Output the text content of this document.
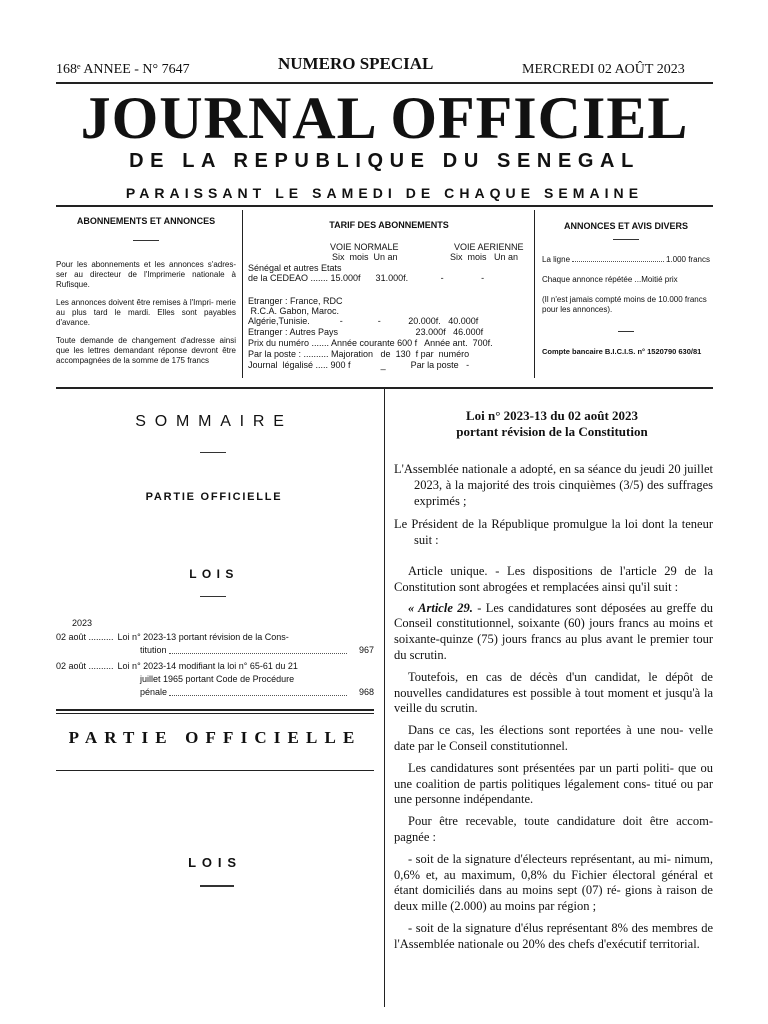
168ᵉ ANNEE - N° 7647	NUMERO SPECIAL	MERCREDI 02 AOÛT 2023
JOURNAL OFFICIEL
DE LA REPUBLIQUE DU SENEGAL
PARAISSANT LE SAMEDI DE CHAQUE SEMAINE
ABONNEMENTS ET ANNONCES

Pour les abonnements et les annonces s'adres- ser au directeur de l'Imprimerie nationale à Rufisque.

Les annonces doivent être remises à l'Impri- merie au plus tard le mardi. Elles sont payables d'avance.

Toute demande de changement d'adresse ainsi que les lettres demandant réponse devront être accompagnées de la somme de 175 francs

TARIF DES ABONNEMENTS
VOIE NORMALE	VOIE AERIENNE
Six  mois  Un an	Six  mois   Un an
Sénégal et autres Etats
de la CEDEAO ....... 15.000f      31.000f.             -               -
Etranger : France, RDC
R.C.A. Gabon, Maroc.
Algérie,Tunisie.            -              -           20.000f.   40.000f
Etranger : Autres Pays                               23.000f   46.000f
Prix du numéro ....... Année courante 600 f   Année ant.  700f.
Par la poste : .......... Majoration   de  130  f par  numéro
Journal  légalisé ..... 900 f            _          Par la poste   -
ANNONCES ET AVIS DIVERS
La ligne	1.000 francs
Chaque annonce répétée ...Moitié prix
(Il n'est jamais compté moins de 10.000 francs pour les annonces).
Compte bancaire B.I.C.I.S. n° 1520790 630/81
SOMMAIRE
PARTIE OFFICIELLE
LOIS
2023
02 août .......... Loi n° 2023-13 portant révision de la Cons-
titution	967
02 août .......... Loi n° 2023-14 modifiant la loi n° 65-61 du 21
juillet 1965 portant Code de Procédure
pénale	968
PARTIE OFFICIELLE
LOIS
Loi n° 2023-13 du 02 août 2023
portant révision de la Constitution

L'Assemblée nationale a adopté, en sa séance du jeudi 20 juillet 2023, à la majorité des trois cinquièmes (3/5) des suffrages exprimés ;

Le Président de la République promulgue la loi dont la teneur suit :

Article unique. - Les dispositions de l'article 29 de la Constitution sont abrogées et remplacées ainsi qu'il suit :

« Article 29. - Les candidatures sont déposées au greffe du Conseil constitutionnel, soixante (60) jours francs au moins et soixante-quinze (75) jours francs au plus avant le premier tour du scrutin.

Toutefois, en cas de décès d'un candidat, le dépôt de nouvelles candidatures est possible à tout moment et jusqu'à la veille du scrutin.

Dans ce cas, les élections sont reportées à une nou- velle date par le Conseil constitutionnel.

Les candidatures sont présentées par un parti politi- que ou une coalition de partis politiques légalement cons- titué ou par une personne indépendante.

Pour être recevable, toute candidature doit être accom- pagnée :

- soit de la signature d'électeurs représentant, au mi- nimum, 0,6% et, au maximum, 0,8% du Fichier électoral général et étant domiciliés dans au moins sept (07) ré- gions à raison de deux mille (2.000) au moins par région ;

- soit de la signature d'élus représentant 8% des membres de l'Assemblée nationale ou 20% des chefs d'exécutif territorial.
